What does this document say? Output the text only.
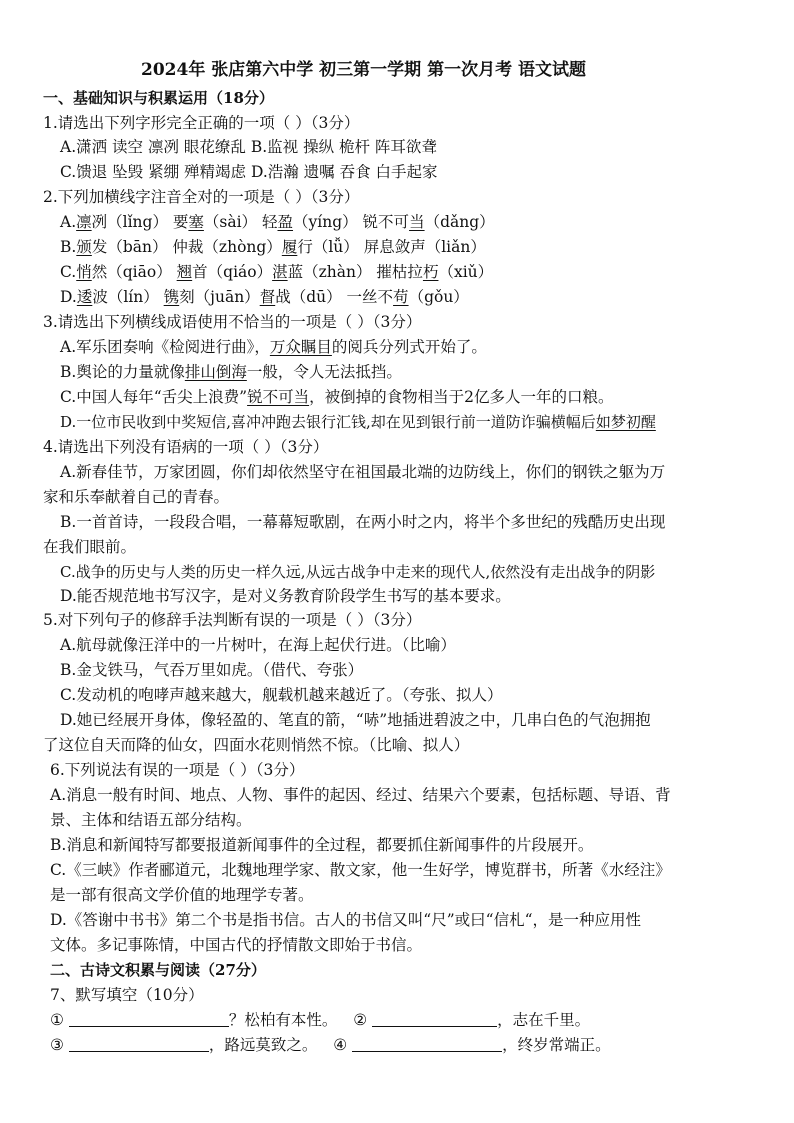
2024年 张店第六中学 初三第一学期 第一次月考 语文试题
一、基础知识与积累运用（18分）
1.请选出下列字形完全正确的一项（ ）（3分）
A.潇洒 读空 凛冽 眼花缭乱 B.监视 操纵 桅杆 阵耳欲聋
C.馈退 坠毁 紧绷 殚精竭虑 D.浩瀚 遗嘱 吞食 白手起家
2.下列加横线字注音全对的一项是（ ）（3分）
A.凛冽（lǐng） 要塞（sài） 轻盈（yíng） 锐不可当（dǎng）
B.颁发（bān） 仲裁（zhòng）履行（lǚ） 屏息敛声（liǎn）
C.悄然（qiāo） 翘首（qiáo）湛蓝（zhàn） 摧枯拉朽（xiǔ）
D.逶波（lín） 镌刻（juān）督战（dū） 一丝不苟（gǒu）
3.请选出下列横线成语使用不恰当的一项是（ ）（3分）
A.军乐团奏响《检阅进行曲》，万众瞩目的阅兵分列式开始了。
B.舆论的力量就像排山倒海一般，令人无法抵挡。
C.中国人每年“舌尖上浪费”锐不可当，被倒掉的食物相当于2亿多人一年的口粮。
D.一位市民收到中奖短信,喜冲冲跑去银行汇钱,却在见到银行前一道防诈骗横幅后如梦初醒
4.请选出下列没有语病的一项（ ）（3分）
A.新春佳节，万家团圆，你们却依然坚守在祖国最北端的边防线上，你们的钢铁之躯为万
家和乐奉献着自己的青春。
B.一首首诗，一段段合唱，一幕幕短歌剧，在两小时之内，将半个多世纪的残酷历史出现
在我们眼前。
C.战争的历史与人类的历史一样久远,从远古战争中走来的现代人,依然没有走出战争的阴影
D.能否规范地书写汉字，是对义务教育阶段学生书写的基本要求。
5.对下列句子的修辞手法判断有误的一项是（ ）（3分）
A.航母就像汪洋中的一片树叶，在海上起伏行进。（比喻）
B.金戈铁马，气吞万里如虎。（借代、夸张）
C.发动机的咆哮声越来越大，舰载机越来越近了。（夸张、拟人）
D.她已经展开身体，像轻盈的、笔直的箭，“哧”地插进碧波之中，几串白色的气泡拥抱
了这位自天而降的仙女，四面水花则悄然不惊。（比喻、拟人）
6.下列说法有误的一项是（ ）（3分）
A.消息一般有时间、地点、人物、事件的起因、经过、结果六个要素，包括标题、导语、背
景、主体和结语五部分结构。
B.消息和新闻特写都要报道新闻事件的全过程，都要抓住新闻事件的片段展开。
C.《三峡》作者郦道元，北魏地理学家、散文家，他一生好学，博览群书，所著《水经注》
是一部有很高文学价值的地理学专著。
D.《答谢中书书》第二个书是指书信。古人的书信又叫“尺”或曰“信札“，是一种应用性
文体。多记事陈情，中国古代的抒情散文即始于书信。
二、古诗文积累与阅读（27分）
7、默写填空（10分）
①	？松柏有本性。 ②	，志在千里。
③	，路远莫致之。 ④	，终岁常端正。
